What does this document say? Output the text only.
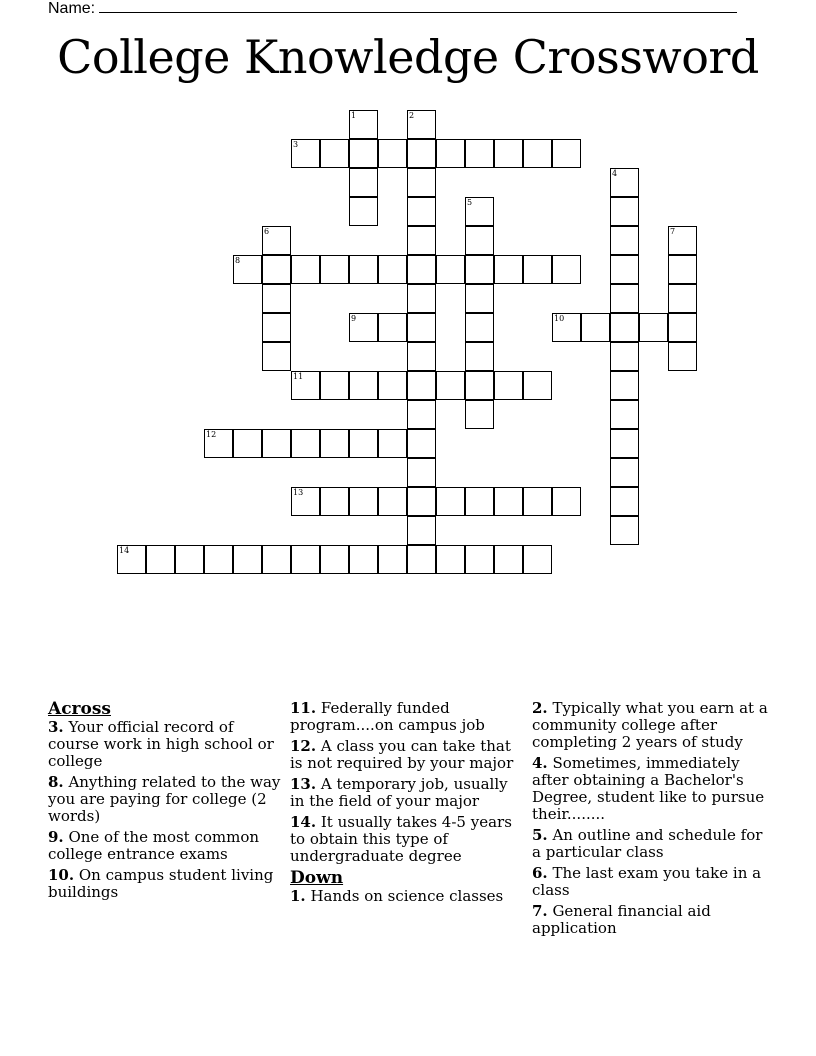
Name:
College Knowledge Crossword
1	2
3
4
5
6	7
8
9	10
11
12
13
14

Across

3. Your official record of course work in high school or college

8. Anything related to the way you are paying for college (2 words)

9. One of the most common college entrance exams

10. On campus student living buildings

11. Federally funded program....on campus job

12. A class you can take that is not required by your major

13. A temporary job, usually in the field of your major

14. It usually takes 4-5 years to obtain this type of undergraduate degree

Down

1. Hands on science classes

2. Typically what you earn at a community college after completing 2 years of study

4. Sometimes, immediately after obtaining a Bachelor's Degree, student like to pursue their........

5. An outline and schedule for a particular class

6. The last exam you take in a class

7. General financial aid application
